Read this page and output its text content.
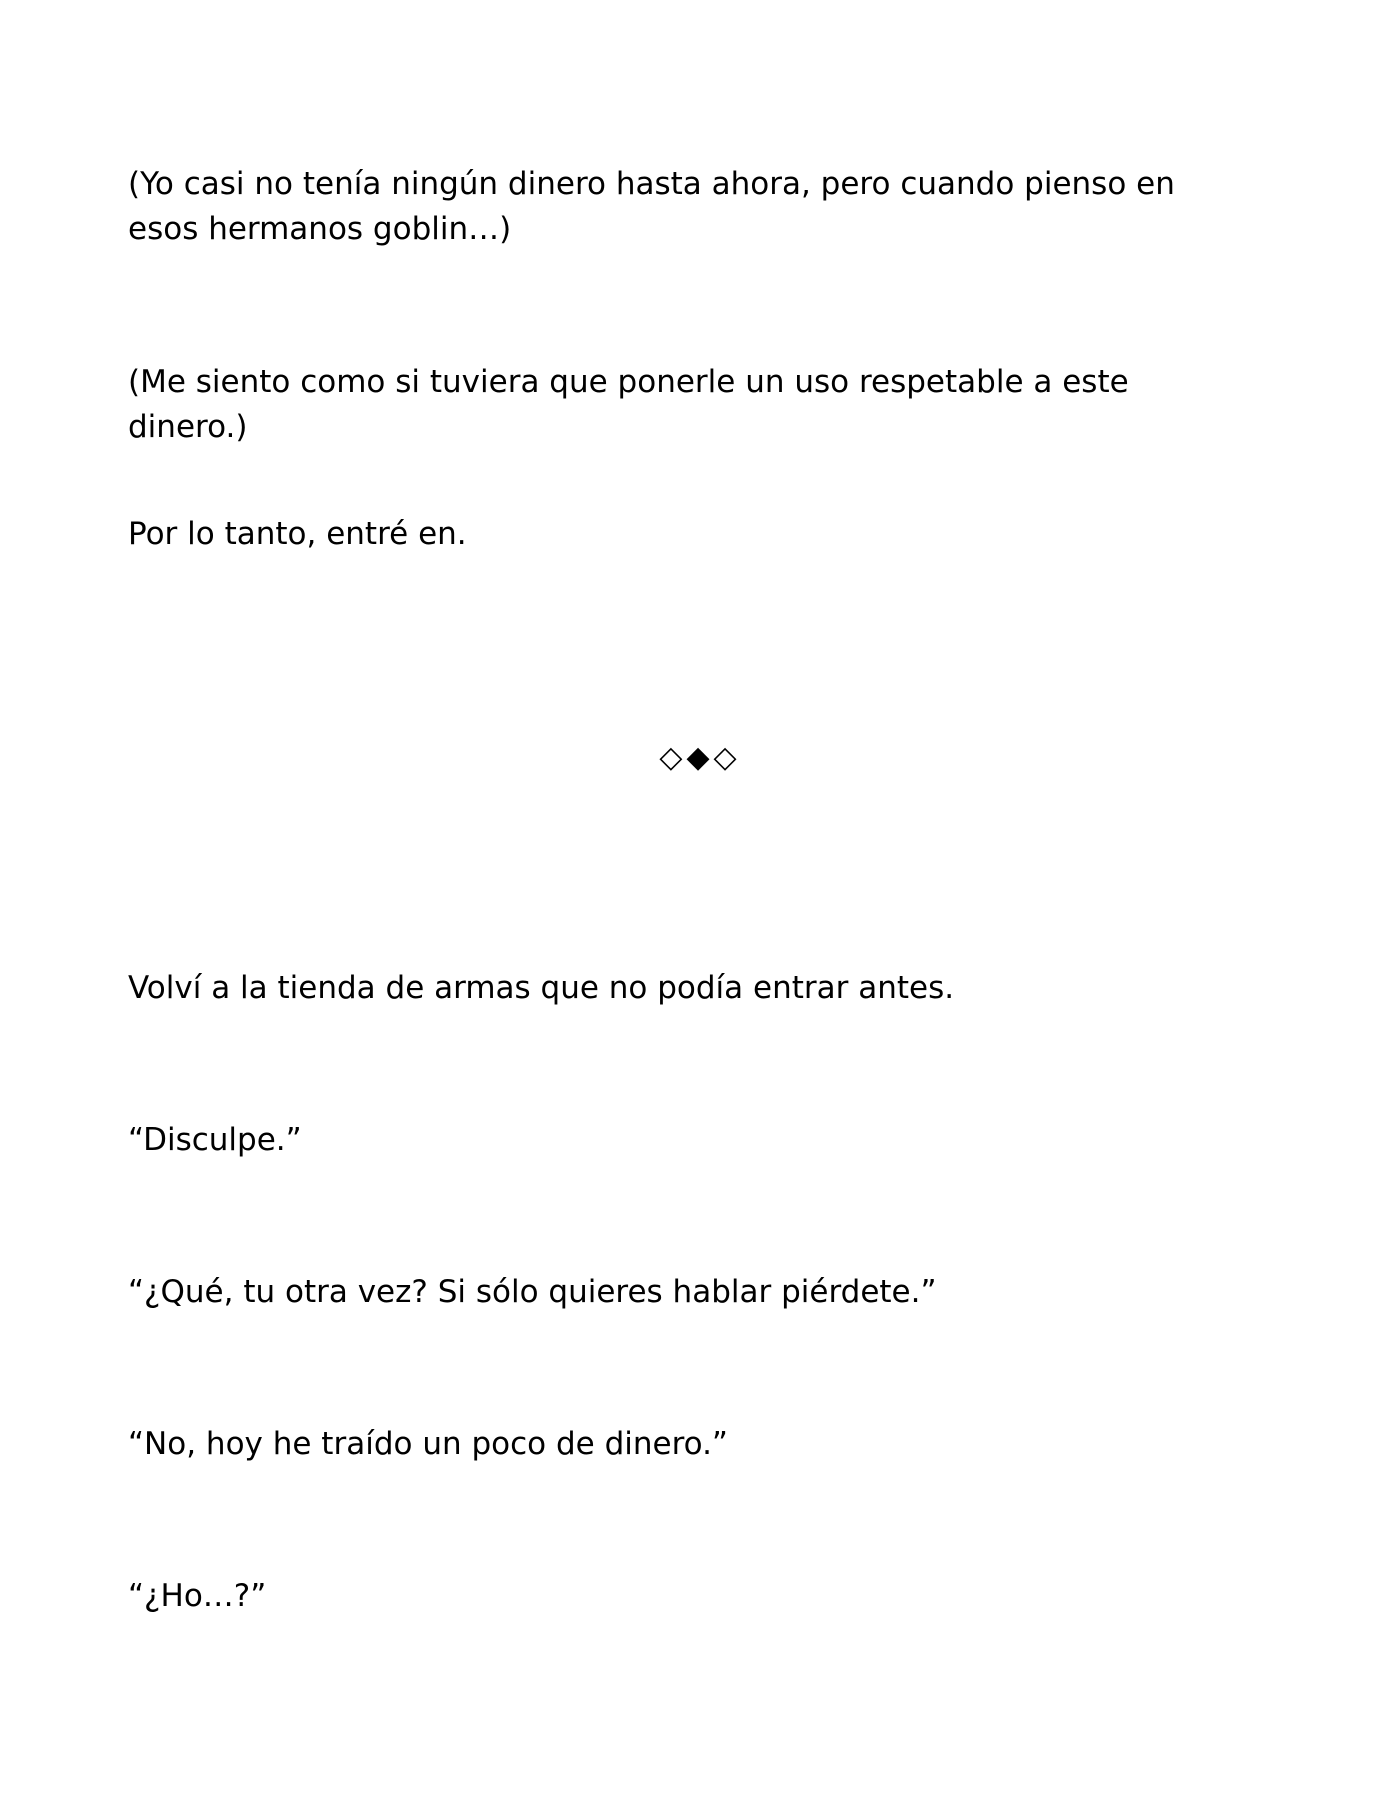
(Yo casi no tenía ningún dinero hasta ahora, pero cuando pienso en esos hermanos goblin…)

(Me siento como si tuviera que ponerle un uso respetable a este dinero.)

Por lo tanto, entré en.

◇◆◇

Volví a la tienda de armas que no podía entrar antes.

“Disculpe.”

“¿Qué, tu otra vez? Si sólo quieres hablar piérdete.”

“No, hoy he traído un poco de dinero.”

“¿Ho…?”
